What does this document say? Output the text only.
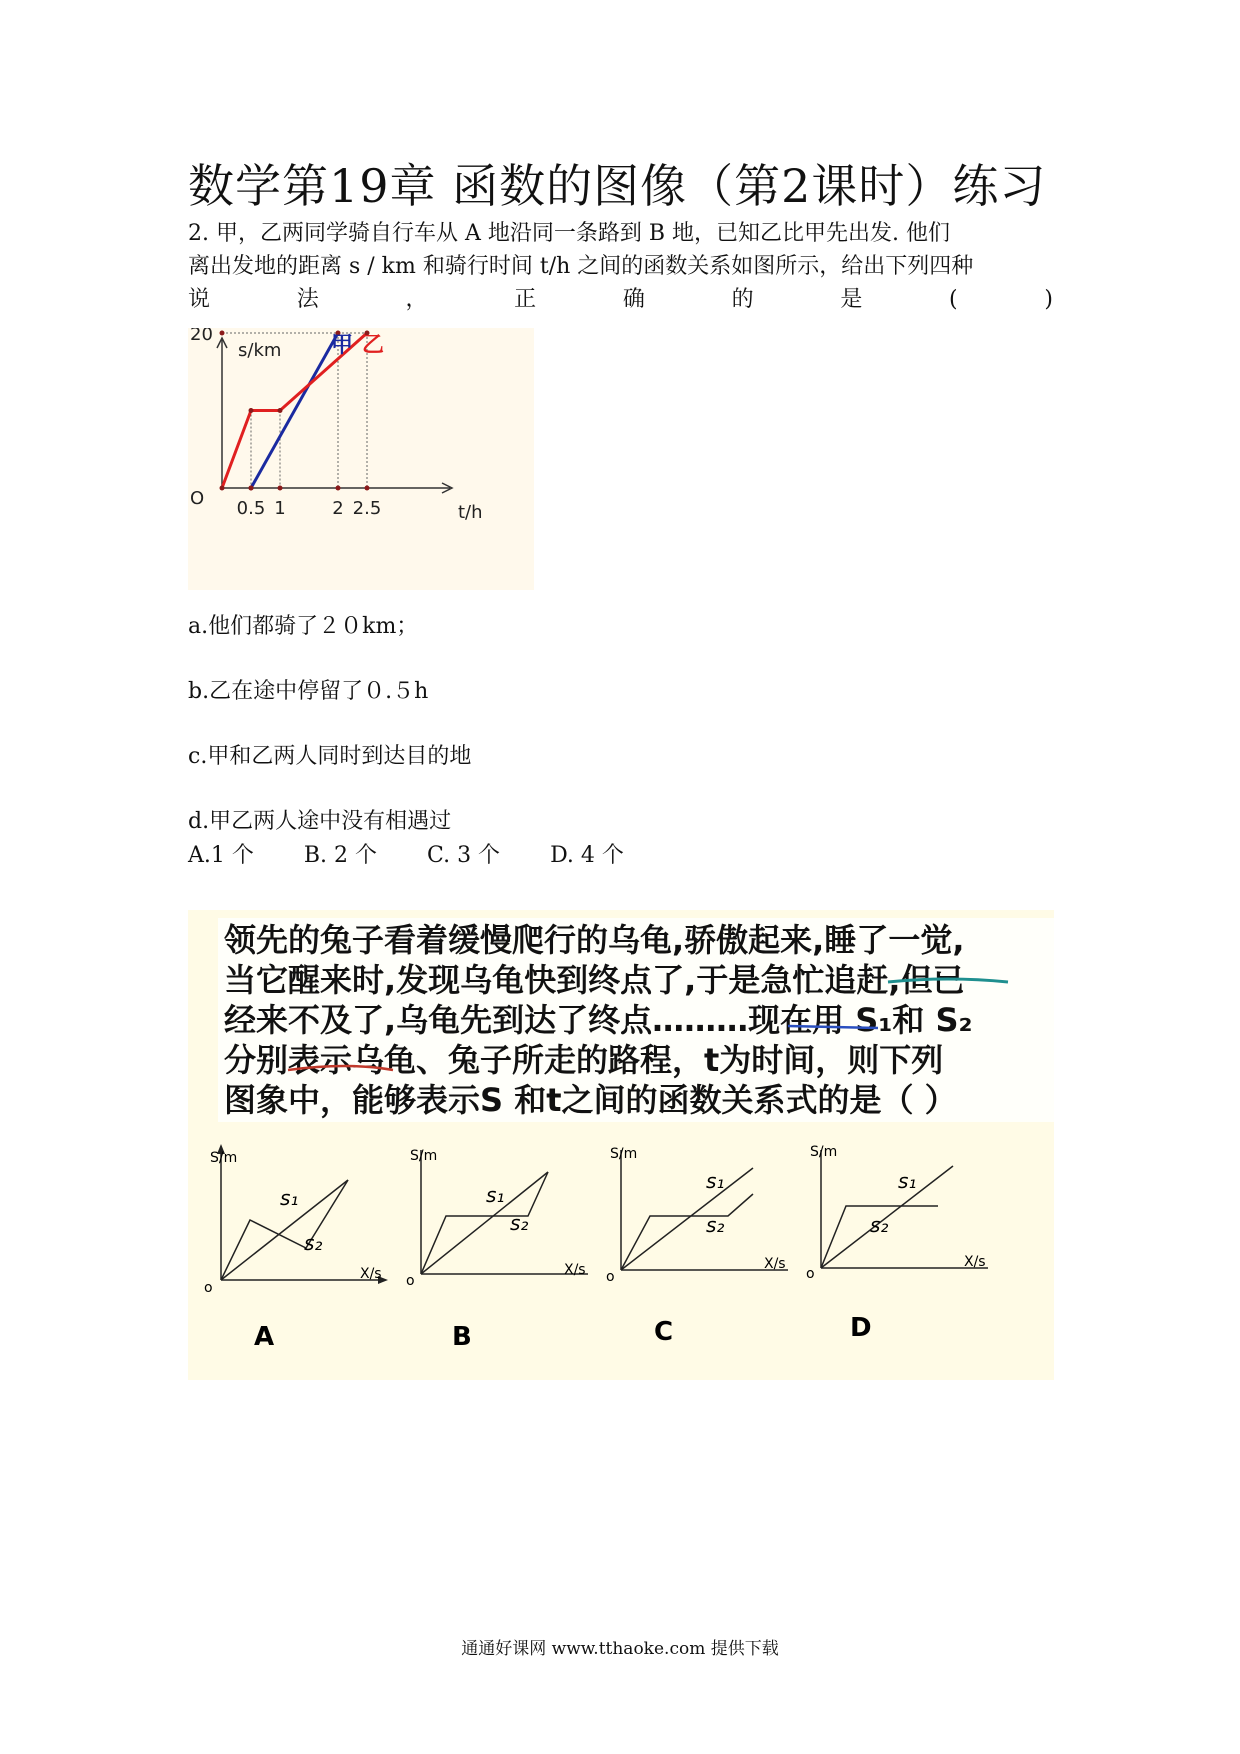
数学第19章 函数的图像（第2课时）练习
2. 甲，乙两同学骑自行车从 A 地沿同一条路到 B 地，已知乙比甲先出发. 他们
离出发地的距离 s / km 和骑行时间 t/h 之间的函数关系如图所示，给出下列四种
说	法	，	正	确	的	是	(	)
s/km
t/h
O
20
0.5 1	2 2.5
甲 乙
a.他们都骑了２０km；
b.乙在途中停留了０.５h
c.甲和乙两人同时到达目的地
d.甲乙两人途中没有相遇过
A.1 个 B. 2 个 C. 3 个 D. 4 个
领先的兔子看着缓慢爬行的乌龟,骄傲起来,睡了一觉,
当它醒来时,发现乌龟快到终点了,于是急忙追赶,但已
经来不及了,乌龟先到达了终点………现在用 S₁和 S₂
分别表示乌龟、兔子所走的路程，t为时间，则下列
图象中，能够表示S 和t之间的函数关系式的是（ ）
S/m
X/s
o
s₁
s₂
A
S/m
X/s
o
s₁
s₂
B
S/m
X/s
o
s₁
s₂
C
S/m
X/s
o
s₁
s₂
D
通通好课网 www.tthaoke.com 提供下载
